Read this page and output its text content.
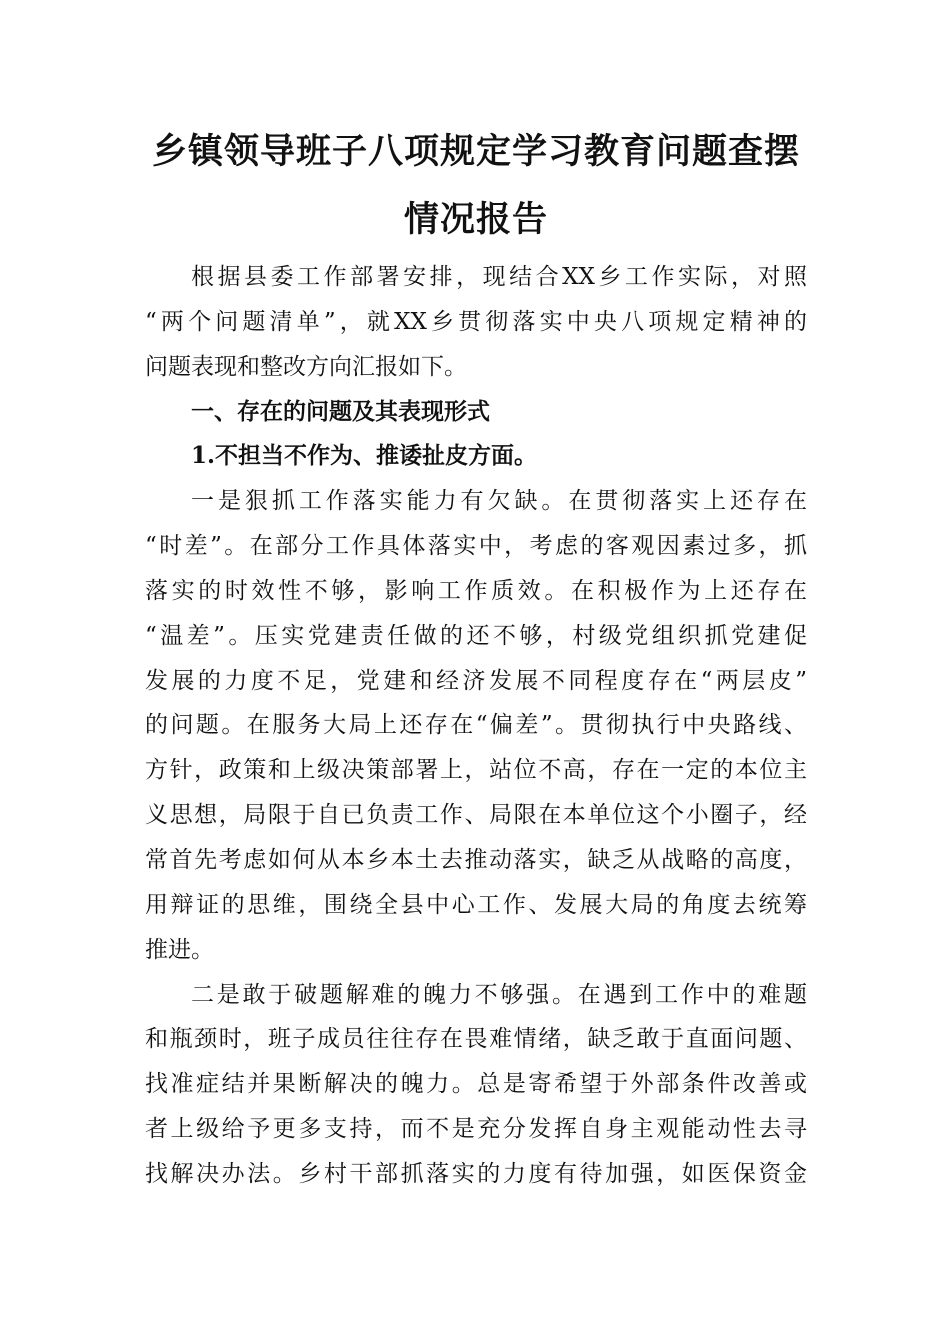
乡镇领导班子八项规定学习教育问题查摆
情况报告
根据县委工作部署安排，现结合XX乡工作实际，对照
“两个问题清单”，就XX乡贯彻落实中央八项规定精神的
问题表现和整改方向汇报如下。
一、存在的问题及其表现形式
1.不担当不作为、推诿扯皮方面。
一是狠抓工作落实能力有欠缺。在贯彻落实上还存在
“时差”。在部分工作具体落实中，考虑的客观因素过多，抓
落实的时效性不够，影响工作质效。在积极作为上还存在
“温差”。压实党建责任做的还不够，村级党组织抓党建促
发展的力度不足，党建和经济发展不同程度存在“两层皮”
的问题。在服务大局上还存在“偏差”。贯彻执行中央路线、
方针，政策和上级决策部署上，站位不高，存在一定的本位主
义思想，局限于自已负责工作、局限在本单位这个小圈子，经
常首先考虑如何从本乡本土去推动落实，缺乏从战略的高度，
用辩证的思维，围绕全县中心工作、发展大局的角度去统筹
推进。
二是敢于破题解难的魄力不够强。在遇到工作中的难题
和瓶颈时，班子成员往往存在畏难情绪，缺乏敢于直面问题、
找准症结并果断解决的魄力。总是寄希望于外部条件改善或
者上级给予更多支持，而不是充分发挥自身主观能动性去寻
找解决办法。乡村干部抓落实的力度有待加强，如医保资金
